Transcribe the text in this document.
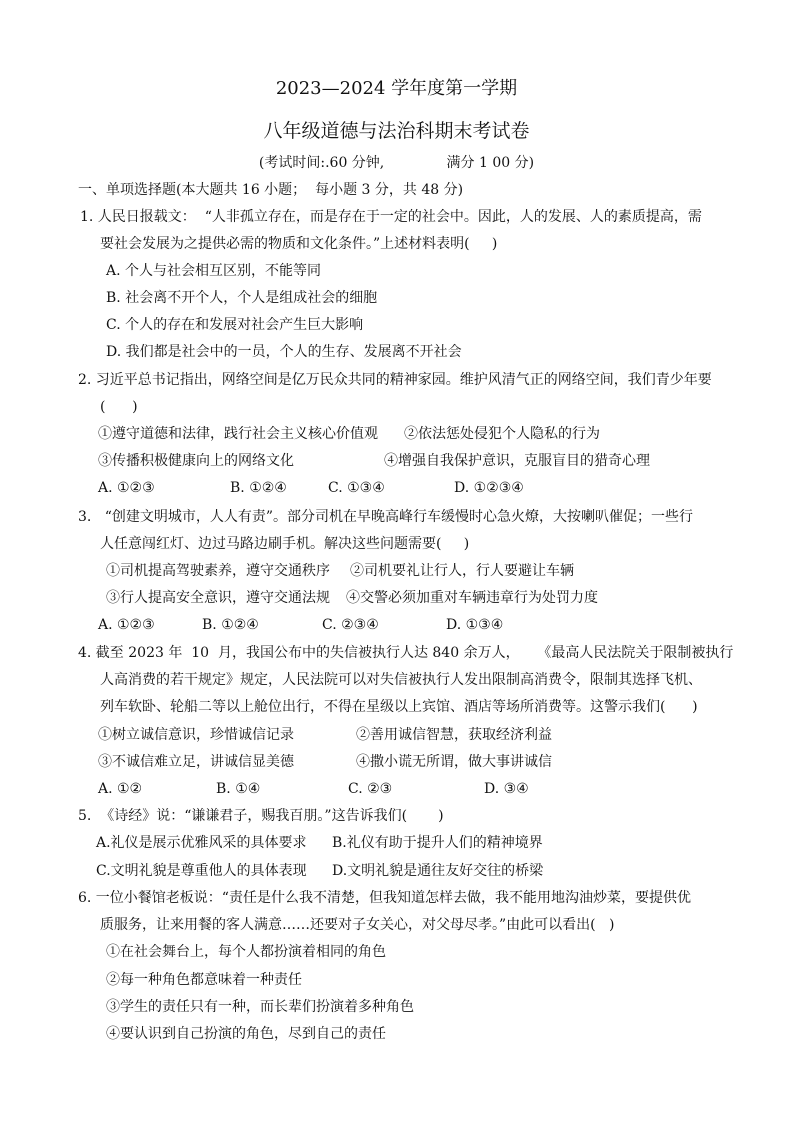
2023—2024 学年度第一学期
八年级道德与法治科期末考试卷
(考试时间:.60 分钟,              满分 1 00 分)
一、单项选择题(本大题共 16 小题；  每小题 3 分，共 48 分)
1. 人民日报载文：  “人非孤立存在，而是存在于一定的社会中。因此，人的发展、人的素质提高，需
要社会发展为之提供必需的物质和文化条件。”上述材料表明(     )
A. 个人与社会相互区别，不能等同
B. 社会离不开个人，个人是组成社会的细胞
C. 个人的存在和发展对社会产生巨大影响
D. 我们都是社会中的一员，个人的生存、发展离不开社会
2. 习近平总书记指出，网络空间是亿万民众共同的精神家园。维护风清气正的网络空间，我们青少年要
(      )
①遵守道德和法律，践行社会主义核心价值观 ②依法惩处侵犯个人隐私的行为
③传播积极健康向上的网络文化	④增强自我保护意识，克服盲目的猎奇心理
A. ①②③	B. ①②④	C. ①③④	D. ①②③④
3.   “创建文明城市，人人有责”。部分司机在早晚高峰行车缓慢时心急火燎，大按喇叭催促；一些行
人任意闯红灯、边过马路边刷手机。解决这些问题需要(     )
①司机提高驾驶素养，遵守交通秩序 ②司机要礼让行人，行人要避让车辆
③行人提高安全意识，遵守交通法规 ④交警必须加重对车辆违章行为处罚力度
A. ①②③	B. ①②④	C. ②③④	D. ①③④
4. 截至 2023 年  10  月，我国公布中的失信被执行人达 840 余万人，    《最高人民法院关于限制被执行
人高消费的若干规定》规定，人民法院可以对失信被执行人发出限制高消费令，限制其选择飞机、
列车软卧、轮船二等以上舱位出行，不得在星级以上宾馆、酒店等场所消费等。这警示我们(      )
①树立诚信意识，珍惜诚信记录	②善用诚信智慧，获取经济利益
③不诚信难立足，讲诚信显美德	④撒小谎无所谓，做大事讲诚信
A. ①②	B. ①④	C. ②③	D. ③④
5.  《诗经》说：“谦谦君子，赐我百朋。”这告诉我们(       )
A.礼仪是展示优雅风采的具体要求 B.礼仪有助于提升人们的精神境界
C.文明礼貌是尊重他人的具体表现 D.文明礼貌是通往友好交往的桥梁
6. 一位小餐馆老板说：“责任是什么我不清楚，但我知道怎样去做，我不能用地沟油炒菜，要提供优
质服务，让来用餐的客人满意……还要对子女关心，对父母尽孝。”由此可以看出(   )
①在社会舞台上，每个人都扮演着相同的角色
②每一种角色都意味着一种责任
③学生的责任只有一种，而长辈们扮演着多种角色
④要认识到自己扮演的角色，尽到自己的责任
